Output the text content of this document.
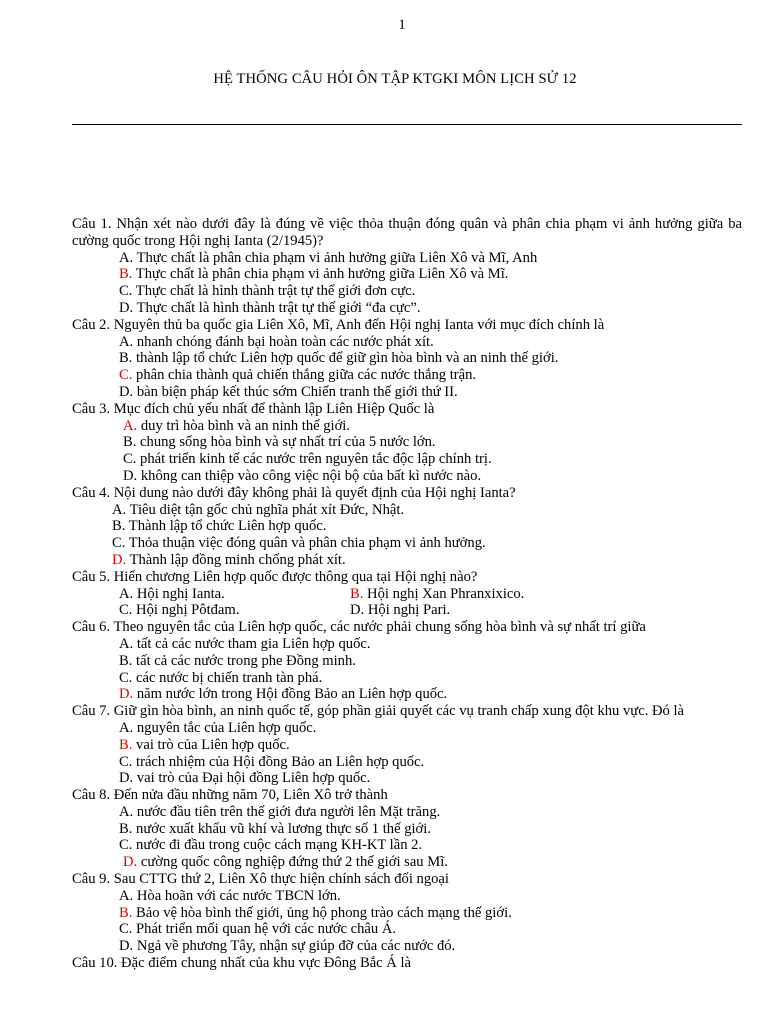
1
HỆ THỐNG CÂU HỎI ÔN TẬP KTGKI MÔN LỊCH SỬ 12
Câu 1. Nhận xét nào dưới đây là đúng về việc thỏa thuận đóng quân và phân chia phạm vi ảnh hưởng giữa ba cường quốc trong Hội nghị Ianta (2/1945)?
A. Thực chất là phân chia phạm vi ảnh hưởng giữa Liên Xô và Mĩ, Anh
B. Thực chất là phân chia phạm vi ảnh hưởng giữa Liên Xô và Mĩ.
C. Thực chất là hình thành trật tự thế giới đơn cực.
D. Thực chất là hình thành trật tự thế giới “đa cực”.
Câu 2. Nguyên thủ ba quốc gia Liên Xô, Mĩ, Anh đến Hội nghị Ianta với mục đích chính là
A. nhanh chóng đánh bại hoàn toàn các nước phát xít.
B. thành lập tổ chức Liên hợp quốc để giữ gìn hòa bình và an ninh thế giới.
C. phân chia thành quả chiến thắng giữa các nước thắng trận.
D. bàn biện pháp kết thúc sớm Chiến tranh thế giới thứ II.
Câu 3. Mục đích chủ yếu nhất để thành lập Liên Hiệp Quốc là
A. duy trì hòa bình và an ninh thế giới.
B. chung sống hòa bình và sự nhất trí của 5 nước lớn.
C. phát triển kinh tế các nước trên nguyên tắc độc lập chính trị.
D. không can thiệp vào công việc nội bộ của bất kì nước nào.
Câu 4. Nội dung nào dưới đây không phải là quyết định của Hội nghị Ianta?
A. Tiêu diệt tận gốc chủ nghĩa phát xít Đức, Nhật.
B. Thành lập tổ chức Liên hợp quốc.
C. Thỏa thuận việc đóng quân và phân chia phạm vi ảnh hưởng.
D. Thành lập đồng minh chống phát xít.
Câu 5. Hiến chương Liên hợp quốc được thông qua tại Hội nghị nào?
A. Hội nghị Ianta.	B. Hội nghị Xan Phranxixico.
C. Hội nghị Pôtđam.	D. Hội nghị Pari.
Câu 6. Theo nguyên tắc của Liên hợp quốc, các nước phải chung sống hòa bình và sự nhất trí giữa
A. tất cả các nước tham gia Liên hợp quốc.
B. tất cả các nước trong phe Đồng minh.
C. các nước bị chiến tranh tàn phá.
D. năm nước lớn trong Hội đồng Bảo an Liên hợp quốc.
Câu 7. Giữ gìn hòa bình, an ninh quốc tế, góp phần giải quyết các vụ tranh chấp xung đột khu vực. Đó là
A. nguyên tắc của Liên hợp quốc.
B. vai trò của Liên hợp quốc.
C. trách nhiệm của Hội đồng Bảo an Liên hợp quốc.
D. vai trò của Đại hội đồng Liên hợp quốc.
Câu 8. Đến nửa đầu những năm 70, Liên Xô trở thành
A. nước đầu tiên trên thế giới đưa người lên Mặt trăng.
B. nước xuất khẩu vũ khí và lương thực số 1 thế giới.
C. nước đi đầu trong cuộc cách mạng KH-KT lần 2.
D. cường quốc công nghiệp đứng thứ 2 thế giới sau Mĩ.
Câu 9. Sau CTTG thứ 2, Liên Xô thực hiện chính sách đối ngoại
A. Hòa hoãn với các nước TBCN lớn.
B. Bảo vệ hòa bình thế giới, ủng hộ phong trào cách mạng thế giới.
C. Phát triển mối quan hệ với các nước châu Á.
D. Ngả về phương Tây, nhận sự giúp đỡ của các nước đó.
Câu 10. Đặc điểm chung nhất của khu vực Đông Bắc Á là
